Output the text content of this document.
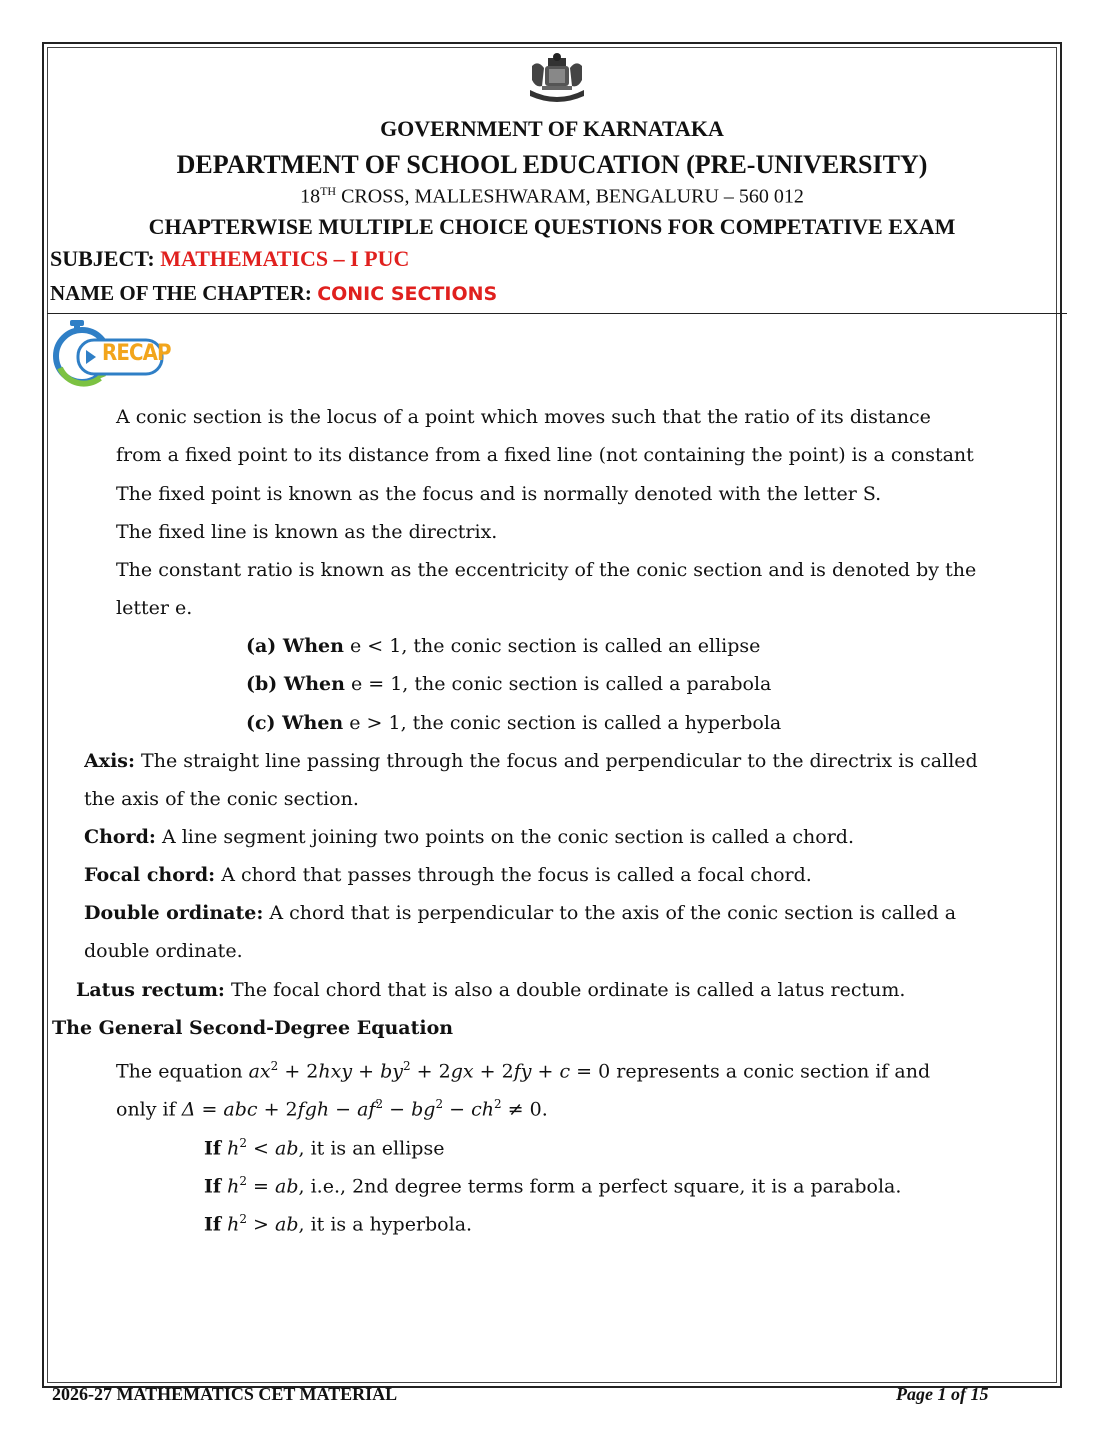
GOVERNMENT OF KARNATAKA
DEPARTMENT OF SCHOOL EDUCATION (PRE-UNIVERSITY)
18TH CROSS, MALLESHWARAM, BENGALURU – 560 012
CHAPTERWISE MULTIPLE CHOICE QUESTIONS FOR COMPETATIVE EXAM
SUBJECT: MATHEMATICS – I PUC
NAME OF THE CHAPTER: CONIC SECTIONS
RECAP
A conic section is the locus of a point which moves such that the ratio of its distance
from a fixed point to its distance from a fixed line (not containing the point) is a constant
The fixed point is known as the focus and is normally denoted with the letter S.
The fixed line is known as the directrix.
The constant ratio is known as the eccentricity of the conic section and is denoted by the
letter e.
(a) When e < 1, the conic section is called an ellipse
(b) When e = 1, the conic section is called a parabola
(c) When e > 1, the conic section is called a hyperbola
Axis: The straight line passing through the focus and perpendicular to the directrix is called
the axis of the conic section.
Chord: A line segment joining two points on the conic section is called a chord.
Focal chord: A chord that passes through the focus is called a focal chord.
Double ordinate: A chord that is perpendicular to the axis of the conic section is called a
double ordinate.
Latus rectum: The focal chord that is also a double ordinate is called a latus rectum.
The General Second-Degree Equation
The equation $ax^2 + 2hxy + by^2 + 2gx + 2fy + c = 0$ represents a conic section if and
only if Δ = abc + $2fgh - af^2 - bg^2 - ch^2 \ne 0$.
If $h^2$ < ab, it is an ellipse
If $h^2$ = ab, i.e., 2nd degree terms form a perfect square, it is a parabola.
If $h^2$ > ab, it is a hyperbola.
2026-27 MATHEMATICS CET MATERIAL	Page 1 of 15
